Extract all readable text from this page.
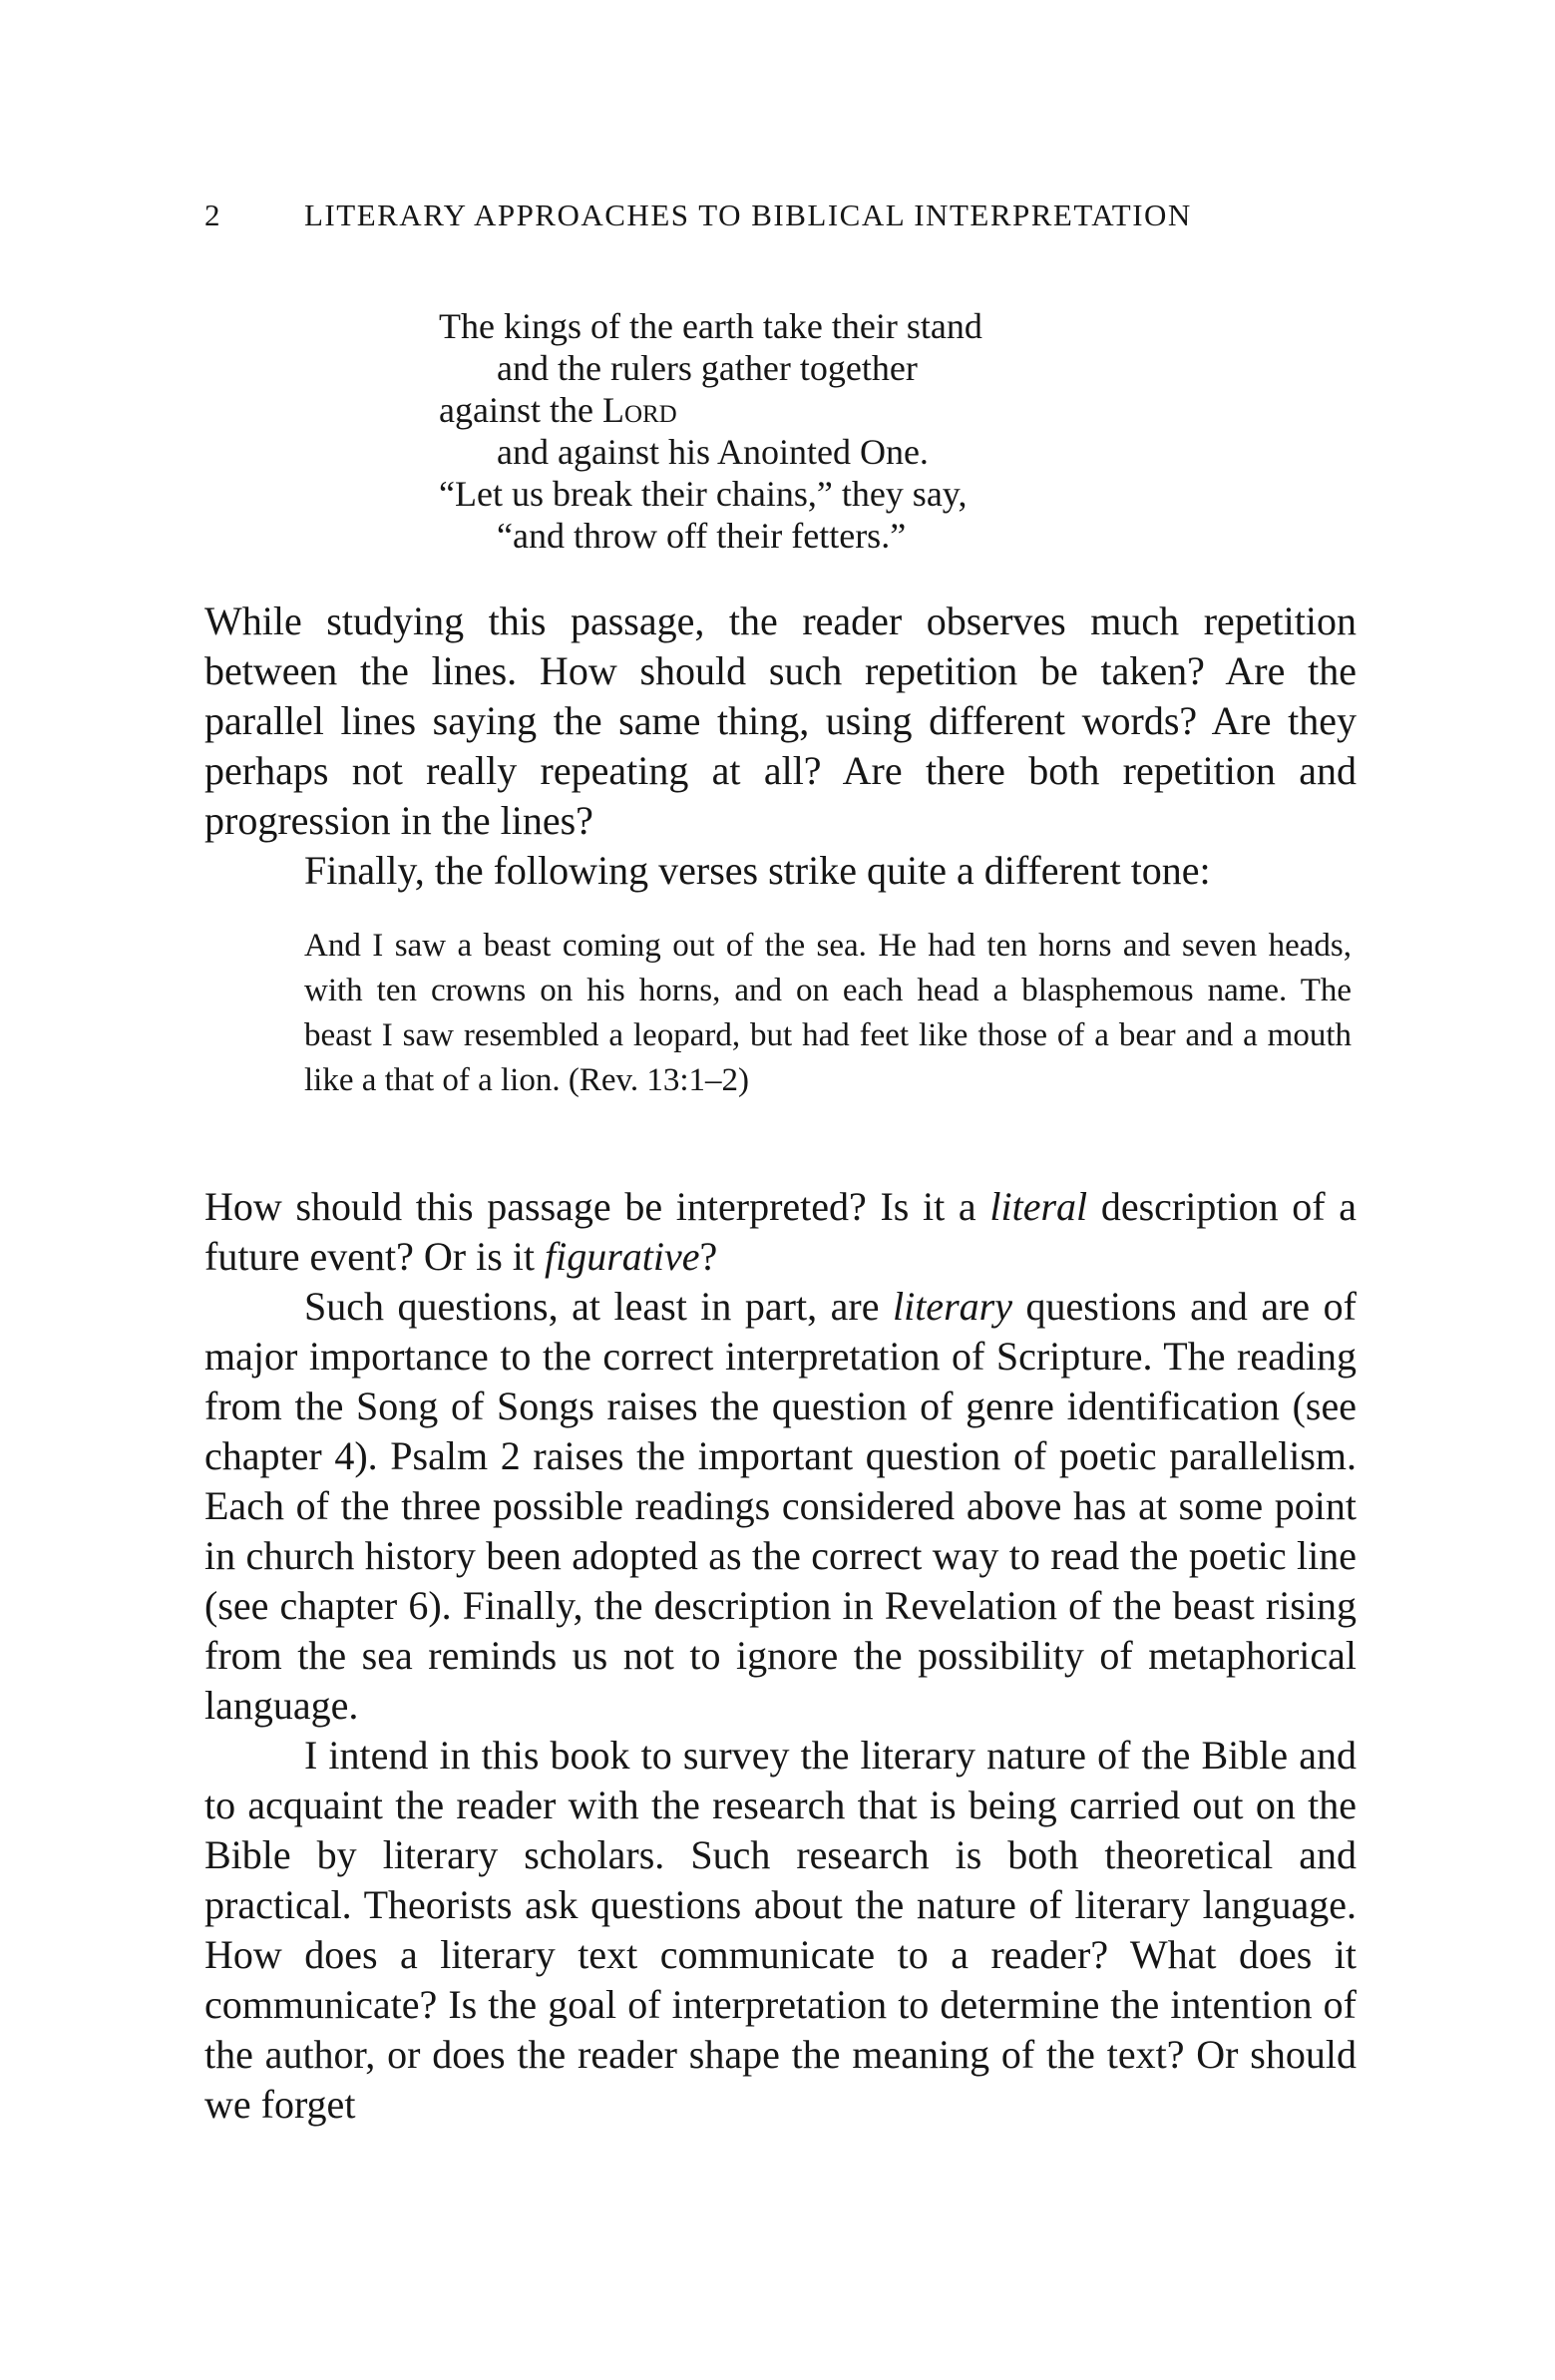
2	LITERARY APPROACHES TO BIBLICAL INTERPRETATION
The kings of the earth take their stand
and the rulers gather together
against the Lord
and against his Anointed One.
“Let us break their chains,” they say,
“and throw off their fetters.”

While studying this passage, the reader observes much repetition between the lines. How should such repetition be taken? Are the parallel lines saying the same thing, using different words? Are they perhaps not really repeating at all? Are there both repetition and progression in the lines?

Finally, the following verses strike quite a different tone:

And I saw a beast coming out of the sea. He had ten horns and seven heads, with ten crowns on his horns, and on each head a blasphemous name. The beast I saw resembled a leopard, but had feet like those of a bear and a mouth like a that of a lion. (Rev. 13:1–2)

How should this passage be interpreted? Is it a literal description of a future event? Or is it figurative?

Such questions, at least in part, are literary questions and are of major importance to the correct interpretation of Scripture. The reading from the Song of Songs raises the question of genre identification (see chapter 4). Psalm 2 raises the important question of poetic parallelism. Each of the three possible readings considered above has at some point in church history been adopted as the correct way to read the poetic line (see chapter 6). Finally, the description in Revelation of the beast rising from the sea reminds us not to ignore the possibility of metaphorical language.

I intend in this book to survey the literary nature of the Bible and to acquaint the reader with the research that is being carried out on the Bible by literary scholars. Such research is both theoretical and practical. Theorists ask questions about the nature of literary language. How does a literary text communicate to a reader? What does it communicate? Is the goal of interpretation to determine the intention of the author, or does the reader shape the meaning of the text? Or should we forget
